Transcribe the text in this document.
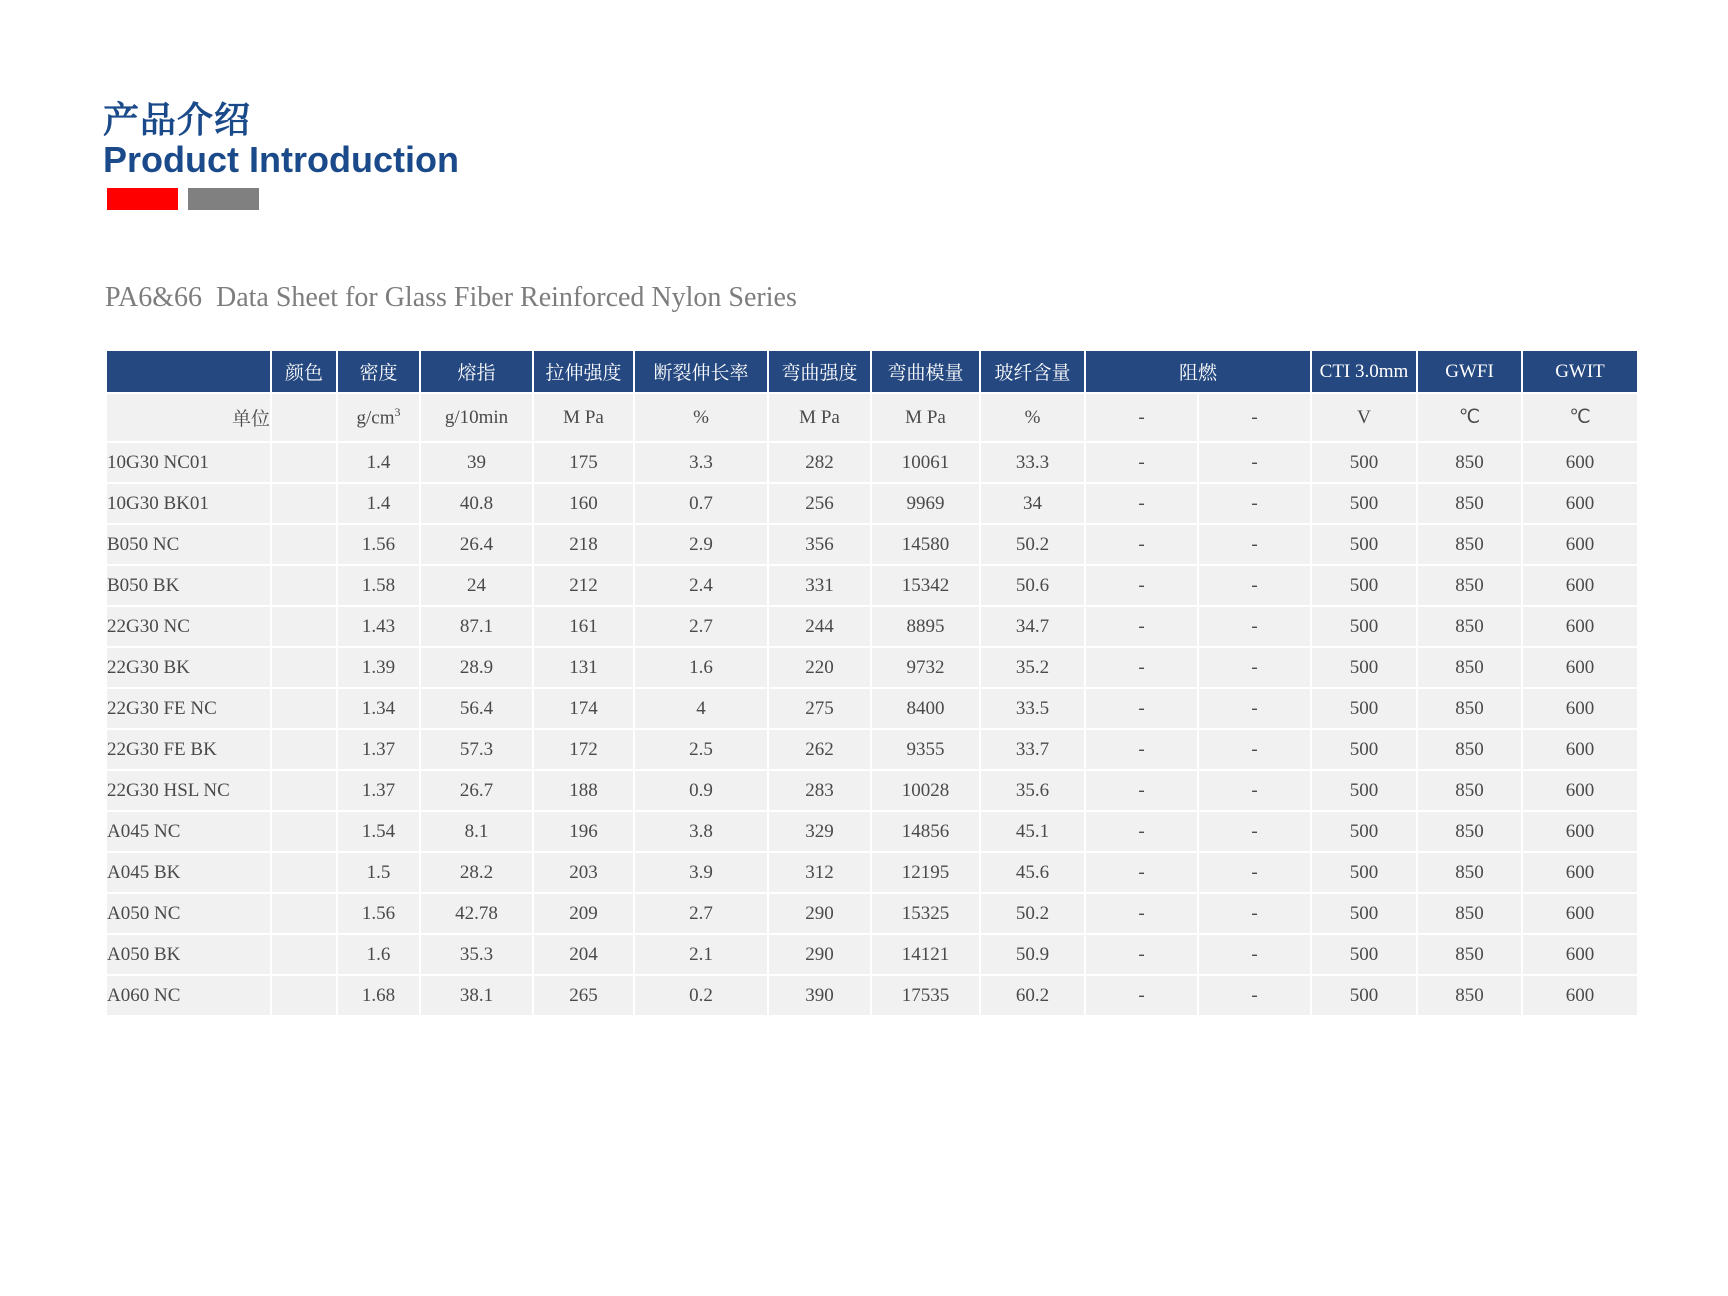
产品介绍
Product Introduction
PA6&66  Data Sheet for Glass Fiber Reinforced Nylon Series
	颜色	密度	熔指	拉伸强度	断裂伸长率	弯曲强度	弯曲模量	玻纤含量	阻燃		CTI 3.0mm	GWFI	GWIT
单位		$g/cm^3$	g/10min	M Pa	%	M Pa	M Pa	%	-	-	V	℃	℃
10G30 NC01		1.4	39	175	3.3	282	10061	33.3	-	-	500	850	600
10G30 BK01		1.4	40.8	160	0.7	256	9969	34	-	-	500	850	600
B050 NC		1.56	26.4	218	2.9	356	14580	50.2	-	-	500	850	600
B050 BK		1.58	24	212	2.4	331	15342	50.6	-	-	500	850	600
22G30 NC		1.43	87.1	161	2.7	244	8895	34.7	-	-	500	850	600
22G30 BK		1.39	28.9	131	1.6	220	9732	35.2	-	-	500	850	600
22G30 FE NC		1.34	56.4	174	4	275	8400	33.5	-	-	500	850	600
22G30 FE BK		1.37	57.3	172	2.5	262	9355	33.7	-	-	500	850	600
22G30 HSL NC		1.37	26.7	188	0.9	283	10028	35.6	-	-	500	850	600
A045 NC		1.54	8.1	196	3.8	329	14856	45.1	-	-	500	850	600
A045 BK		1.5	28.2	203	3.9	312	12195	45.6	-	-	500	850	600
A050 NC		1.56	42.78	209	2.7	290	15325	50.2	-	-	500	850	600
A050 BK		1.6	35.3	204	2.1	290	14121	50.9	-	-	500	850	600
A060 NC		1.68	38.1	265	0.2	390	17535	60.2	-	-	500	850	600
